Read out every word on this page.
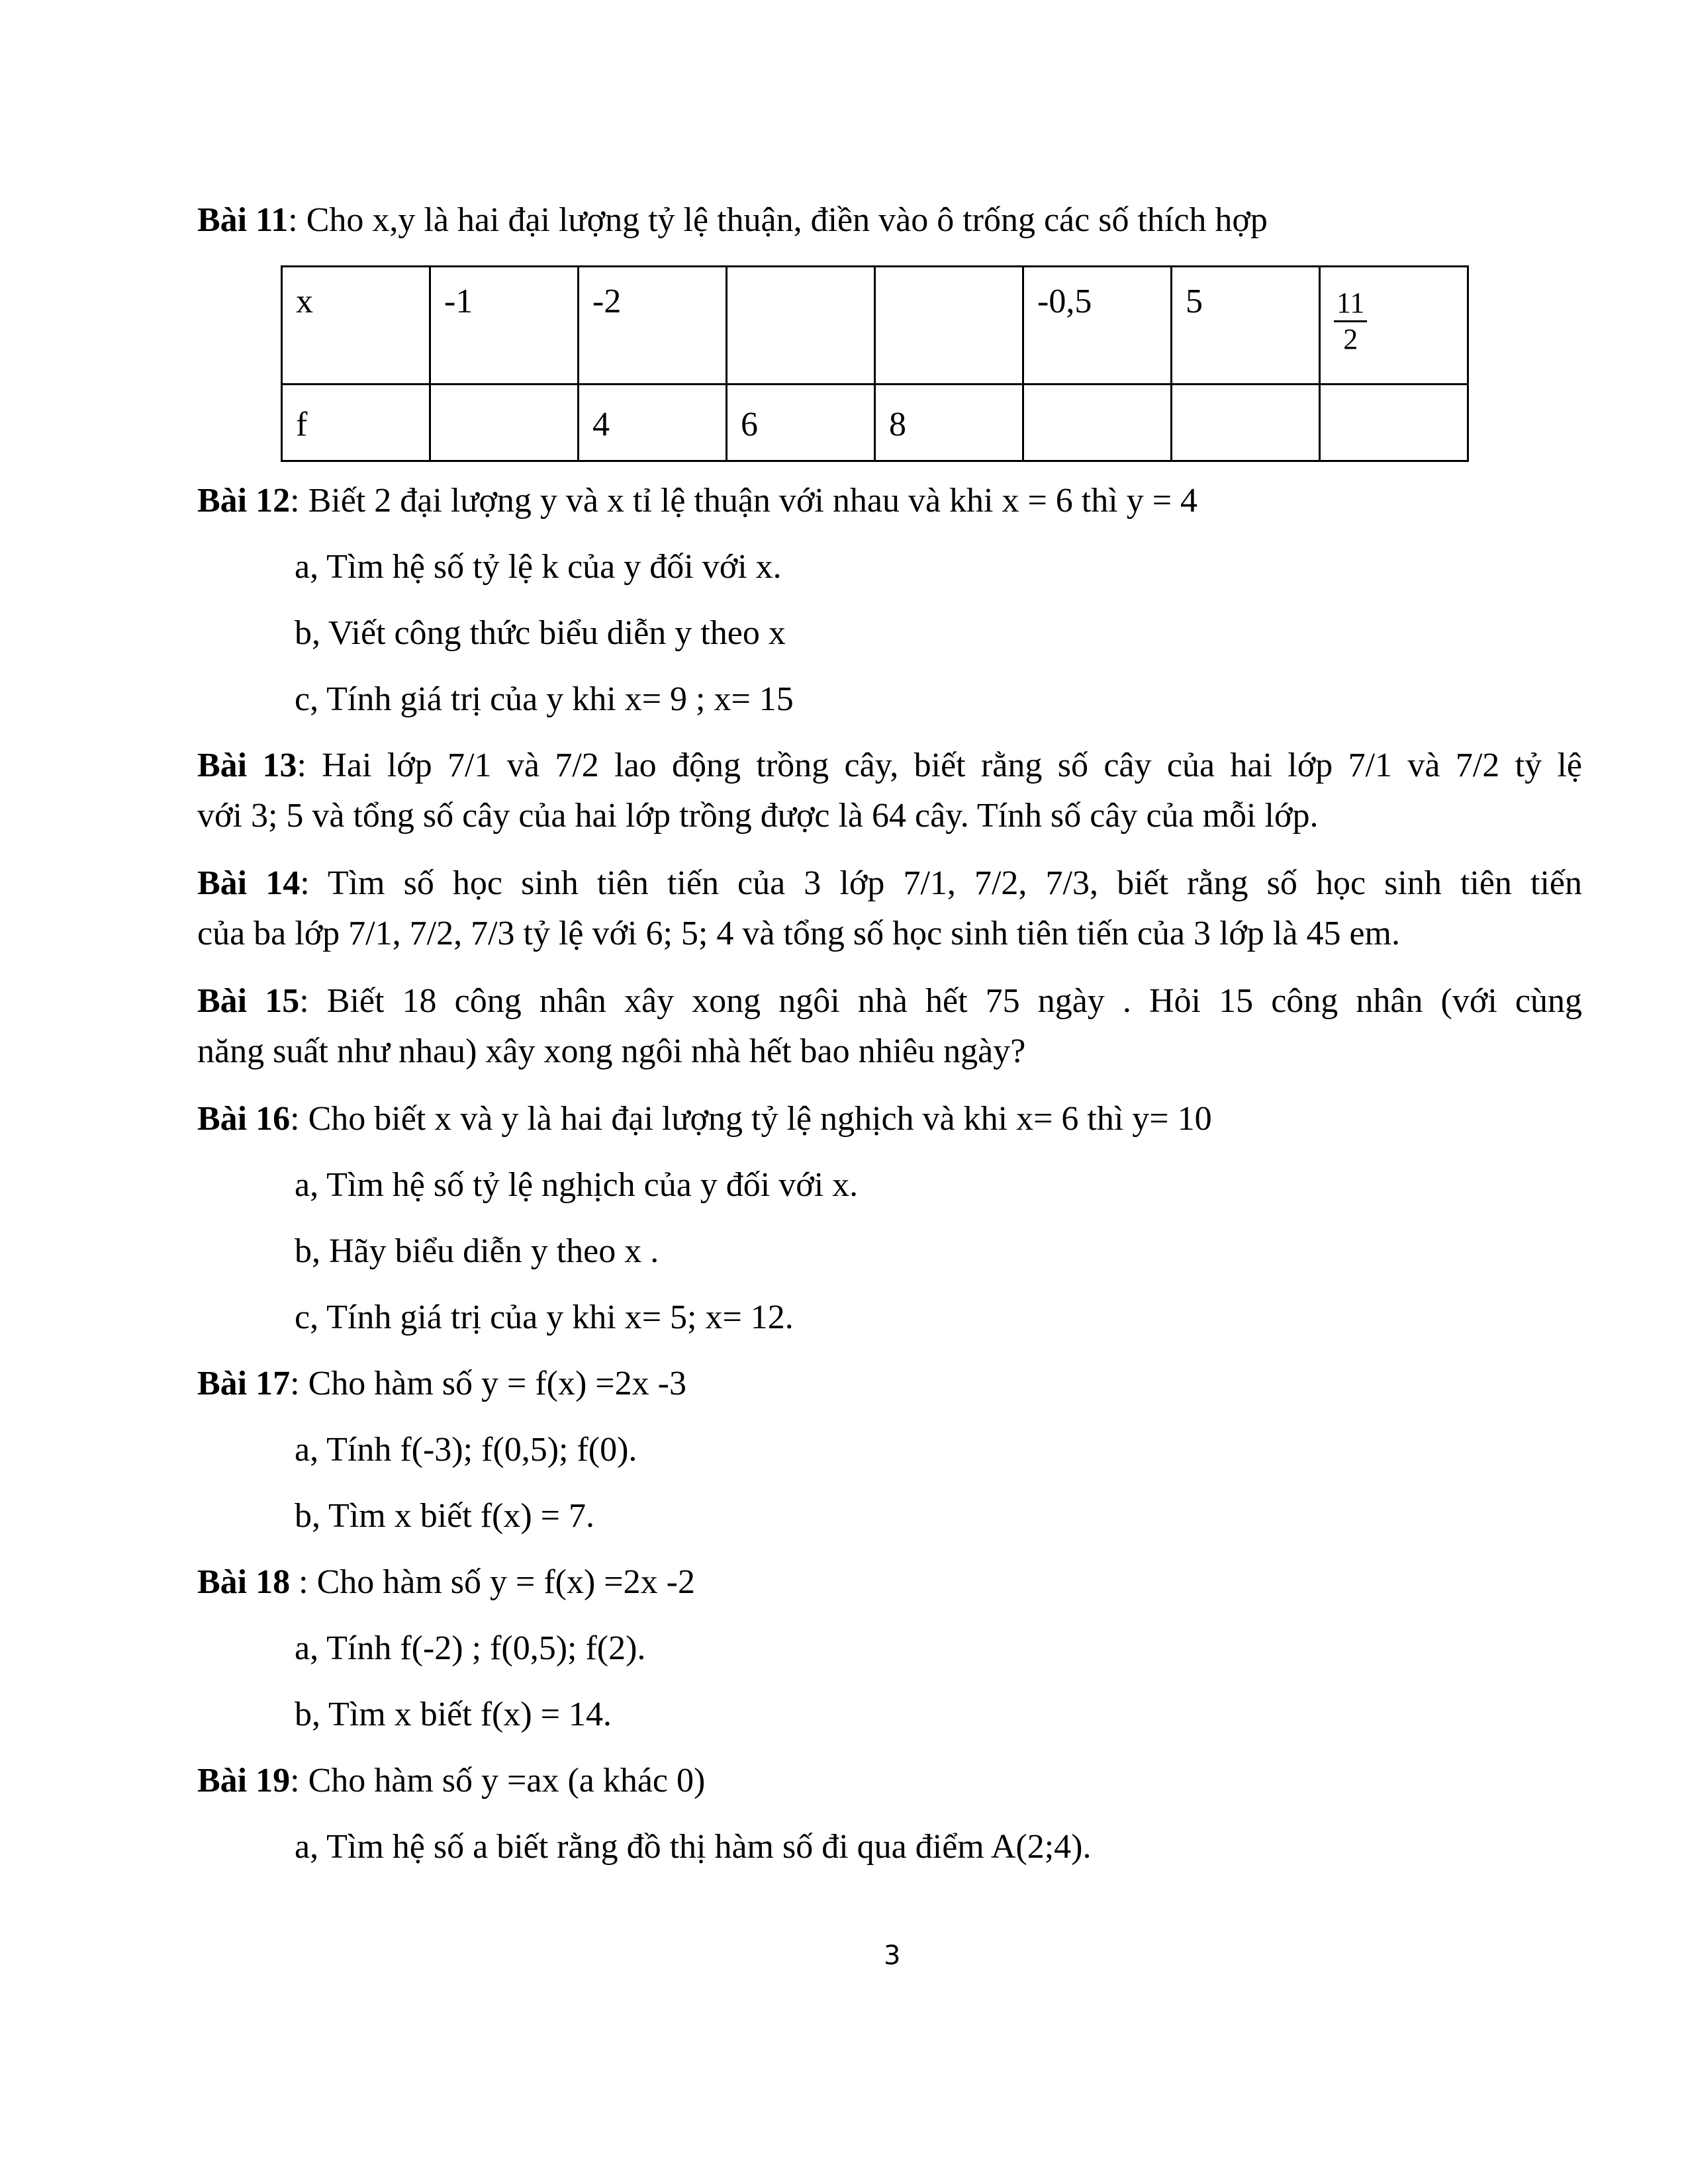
Bài 11: Cho x,y là hai đại lượng tỷ lệ thuận, điền vào ô trống các số thích hợp
x	-1	-2			-0,5	5	$\frac{11}{2}$

f		4	6	8			
Bài 12: Biết 2 đại lượng y và x tỉ lệ thuận với nhau và khi x = 6 thì y = 4
a, Tìm hệ số tỷ lệ k của y đối với x.
b, Viết công thức biểu diễn y theo x
c, Tính giá trị của y khi x= 9 ; x= 15
Bài 13: Hai lớp 7/1 và 7/2 lao động trồng cây, biết rằng số cây của hai lớp 7/1 và 7/2 tỷ lệ
với 3; 5 và tổng số cây của hai lớp trồng được là 64 cây. Tính số cây của mỗi lớp.
Bài 14: Tìm số học sinh tiên tiến của 3 lớp 7/1, 7/2, 7/3, biết rằng số học sinh tiên tiến
của ba lớp 7/1, 7/2, 7/3 tỷ lệ với 6; 5; 4 và tổng số học sinh tiên tiến của 3 lớp là 45 em.
Bài 15: Biết 18 công nhân xây xong ngôi nhà hết 75 ngày . Hỏi 15 công nhân (với cùng
năng suất như nhau) xây xong ngôi nhà hết bao nhiêu ngày?
Bài 16: Cho biết x và y là hai đại lượng tỷ lệ nghịch và khi x= 6 thì y= 10
a, Tìm hệ số tỷ lệ nghịch của y đối với x.
b, Hãy biểu diễn y theo x .
c, Tính giá trị của y khi x= 5; x= 12.
Bài 17: Cho hàm số y = f(x) =2x -3
a, Tính f(-3); f(0,5); f(0).
b, Tìm x biết f(x) = 7.
Bài 18 : Cho hàm số y = f(x) =2x -2
a, Tính f(-2) ; f(0,5); f(2).
b, Tìm x biết f(x) = 14.
Bài 19: Cho hàm số y =ax (a khác 0)
a, Tìm hệ số a biết rằng đồ thị hàm số đi qua điểm A(2;4).
3
